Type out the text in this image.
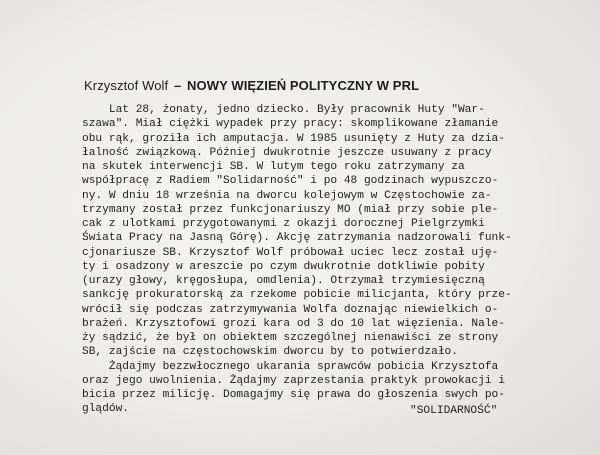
Krzysztof Wolf – NOWY WIĘZIEŃ POLITYCZNY W PRL
Lat 28, żonaty, jedno dziecko. Były pracownik Huty "War-
szawa". Miał ciężki wypadek przy pracy: skomplikowane złamanie
obu rąk, groziła ich amputacja. W 1985 usunięty z Huty za dzia-
łalność związkową. Później dwukrotnie jeszcze usuwany z pracy
na skutek interwencji SB. W lutym tego roku zatrzymany za
współpracę z Radiem "Solidarność" i po 48 godzinach wypuszczo-
ny. W dniu 18 września na dworcu kolejowym w Częstochowie za-
trzymany został przez funkcjonariuszy MO (miał przy sobie ple-
cak z ulotkami przygotowanymi z okazji dorocznej Pielgrzymki
Świata Pracy na Jasną Górę). Akcję zatrzymania nadzorowali funk-
cjonariusze SB. Krzysztof Wolf próbował uciec lecz został uję-
ty i osadzony w areszcie po czym dwukrotnie dotkliwie pobity
(urazy głowy, kręgosłupa, omdlenia). Otrzymał trzymiesięczną
sankcję prokuratorską za rzekome pobicie milicjanta, który prze-
wrócił się podczas zatrzymywania Wolfa doznając niewielkich o-
brażeń. Krzysztofowi grozi kara od 3 do 10 lat więzienia. Nale-
ży sądzić, że był on obiektem szczególnej nienawiści ze strony
SB, zajście na częstochowskim dworcu by to potwierdzało.
Żądajmy bezzwłocznego ukarania sprawców pobicia Krzysztofa
oraz jego uwolnienia. Żądajmy zaprzestania praktyk prowokacji i
bicia przez milicję. Domagajmy się prawa do głoszenia swych po-
glądów.	"SOLIDARNOŚĆ"
